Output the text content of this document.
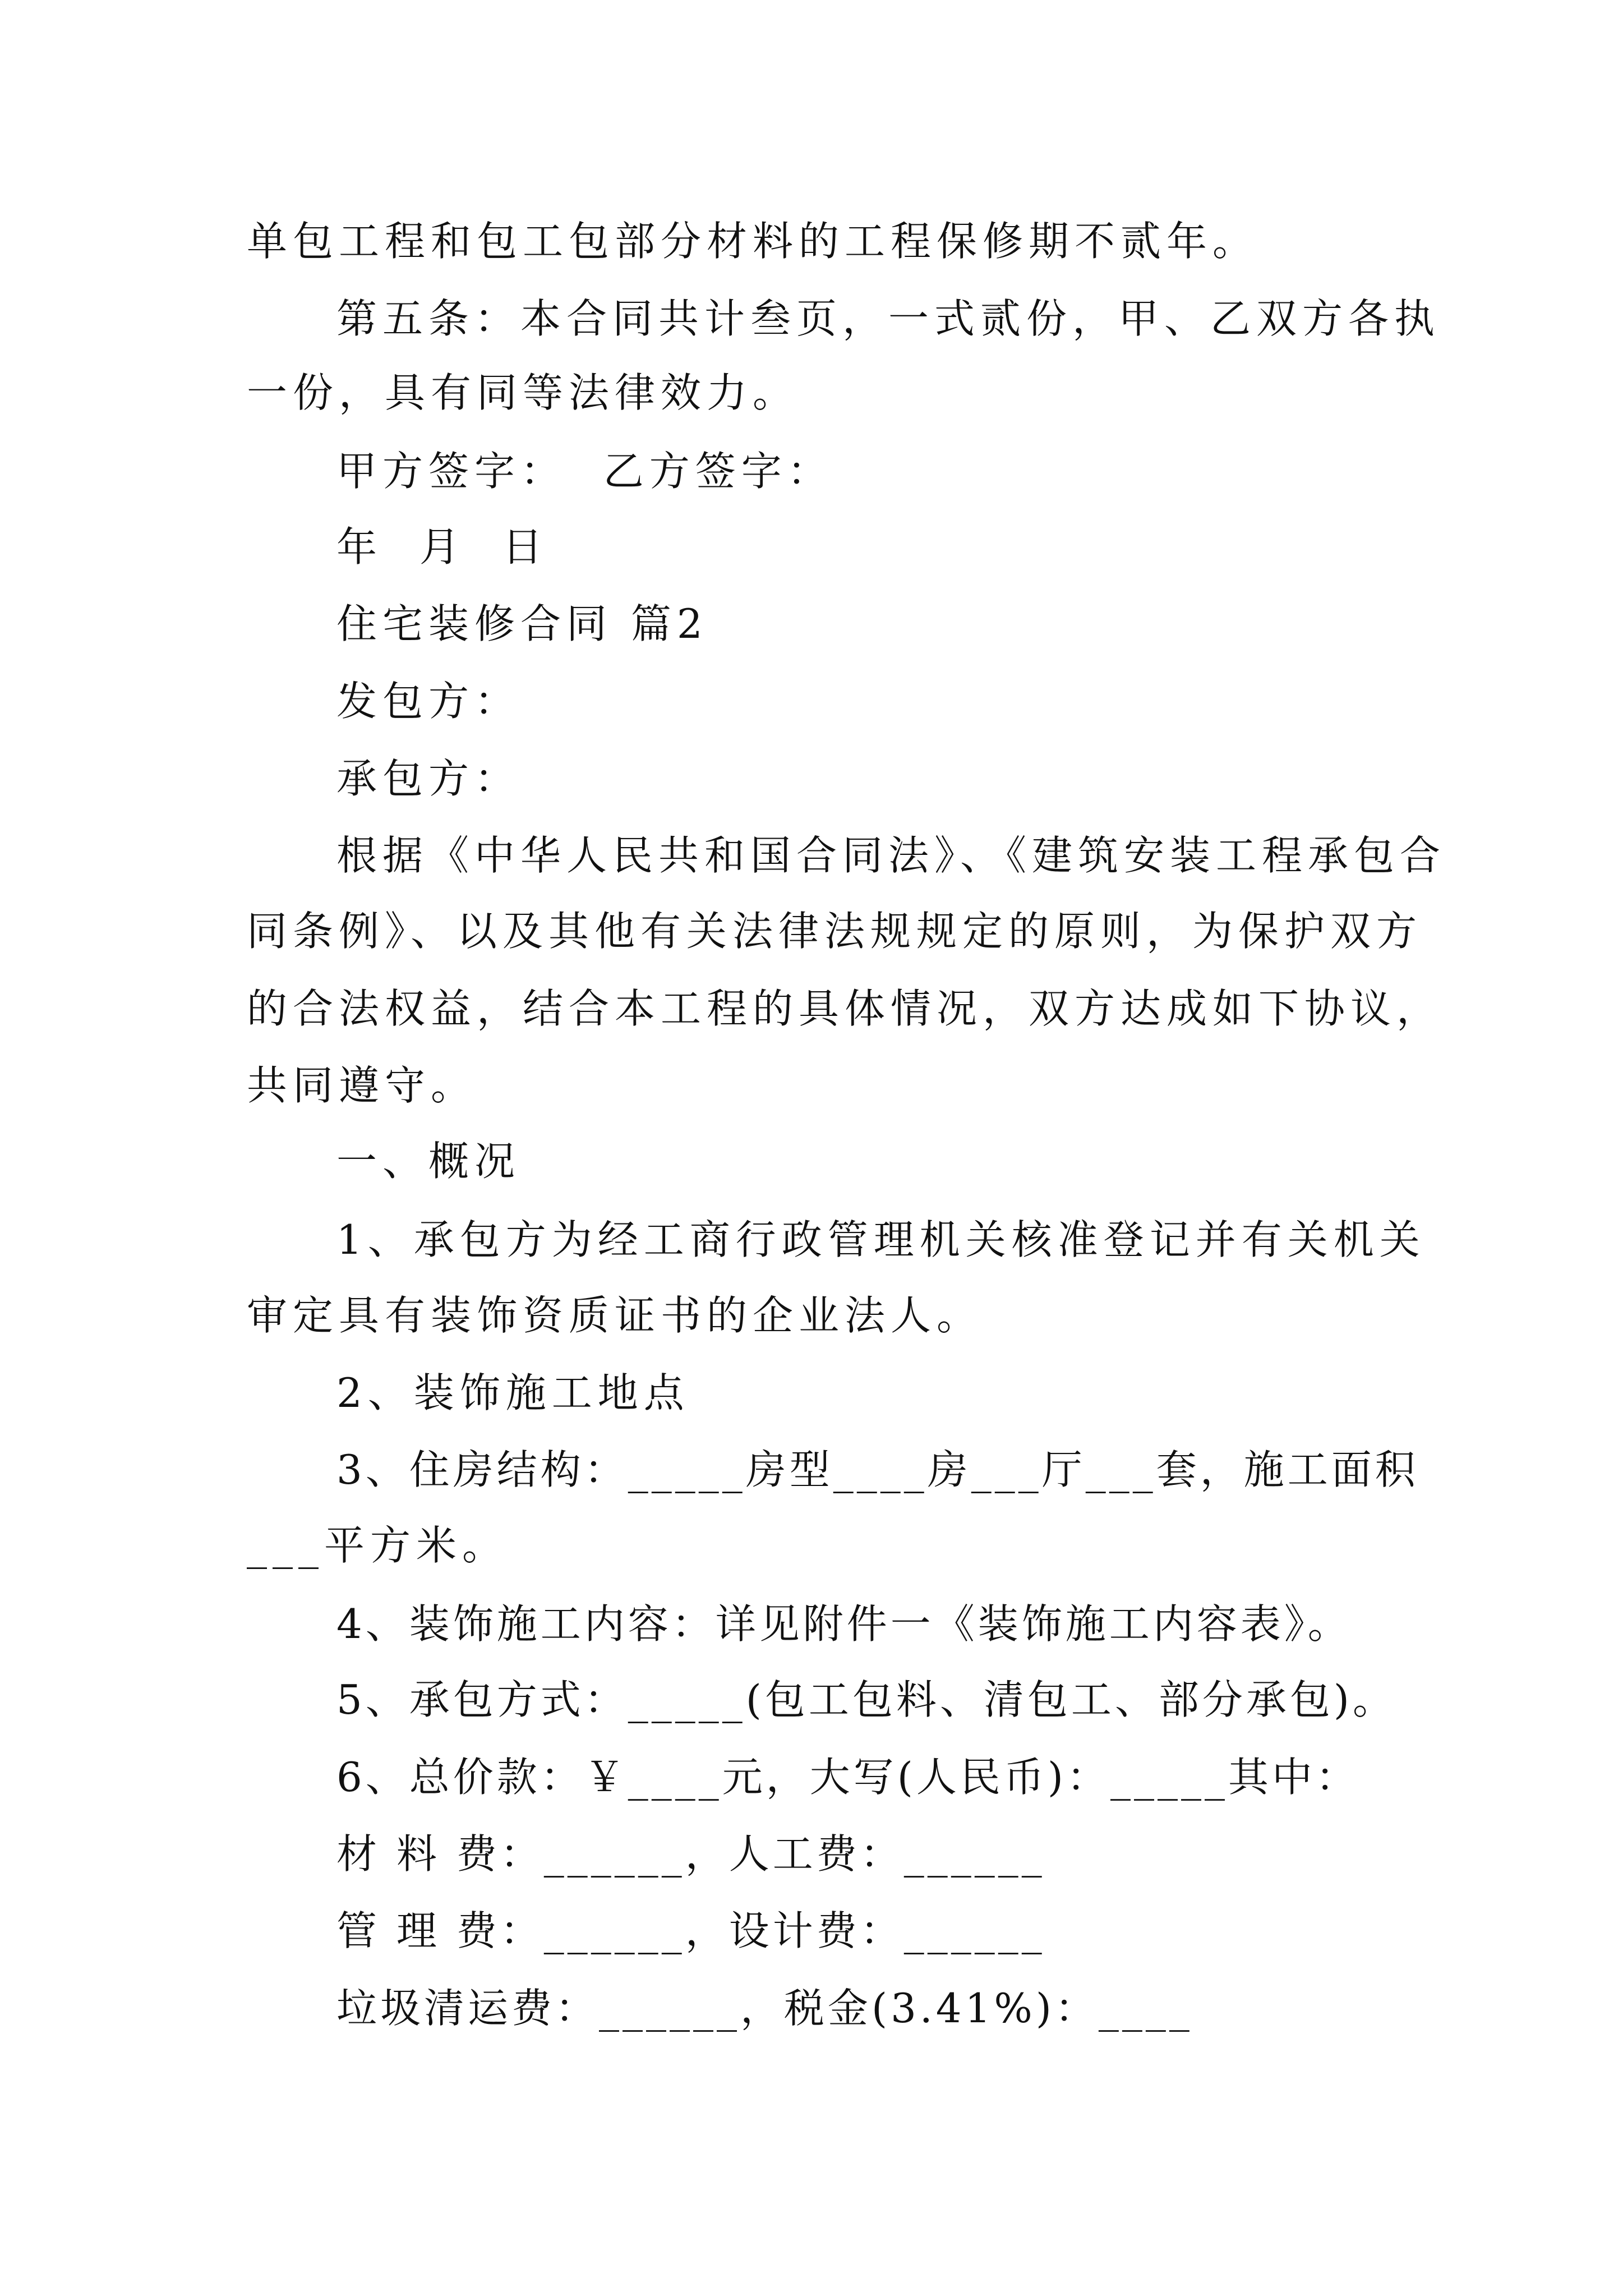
单包工程和包工包部分材料的工程保修期不贰年。
第五条：本合同共计叁页，一式贰份，甲、乙双方各执
一份，具有同等法律效力。
甲方签字：  乙方签字：
年  月  日
住宅装修合同 篇2
发包方：
承包方：
根据《中华人民共和国合同法》、《建筑安装工程承包合
同条例》、以及其他有关法律法规规定的原则，为保护双方
的合法权益，结合本工程的具体情况，双方达成如下协议，
共同遵守。
一、概况
1、承包方为经工商行政管理机关核准登记并有关机关
审定具有装饰资质证书的企业法人。
2、装饰施工地点
3、住房结构：_____房型____房___厅___套，施工面积
___平方米。
4、装饰施工内容：详见附件一《装饰施工内容表》。
5、承包方式：_____(包工包料、清包工、部分承包)。
6、总价款：￥____元，大写(人民币)：_____其中：
材 料 费：______，人工费：______
管 理 费：______，设计费：______
垃圾清运费：______，税金(3.41%)：____
